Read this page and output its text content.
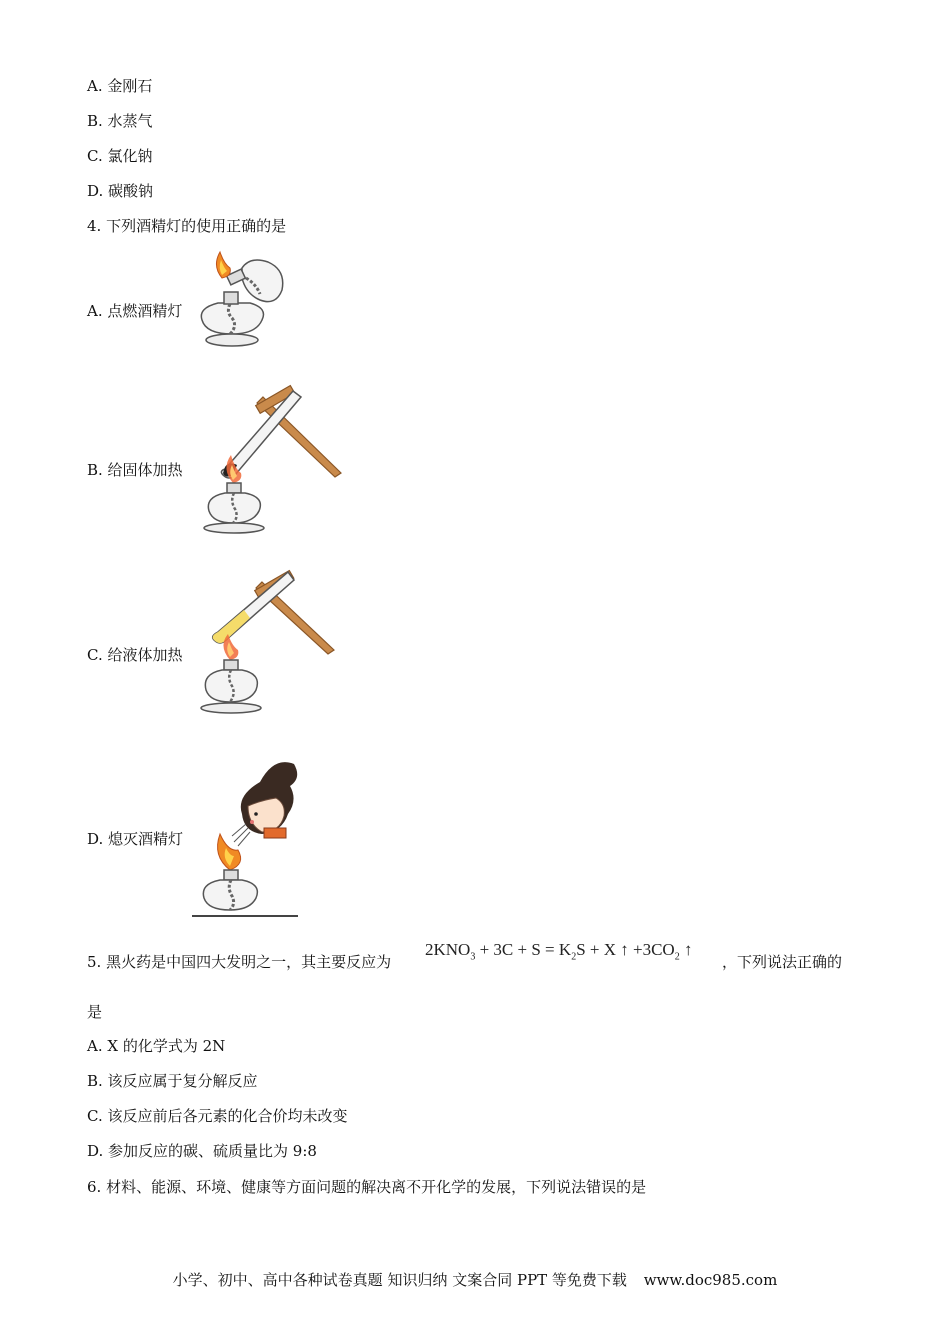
A. 金刚石
B. 水蒸气
C. 氯化钠
D. 碳酸钠
4. 下列酒精灯的使用正确的是
A. 点燃酒精灯
B. 给固体加热
C. 给液体加热
D. 熄灭酒精灯
5. 黑火药是中国四大发明之一，其主要反应为
$2KNO_3 + 3C + S = K_2S + X$ ↑ $+3CO_2$ ↑
，下列说法正确的
是
A. X 的化学式为 2N
B. 该反应属于复分解反应
C. 该反应前后各元素的化合价均未改变
D. 参加反应的碳、硫质量比为 9:8
6. 材料、能源、环境、健康等方面问题的解决离不开化学的发展，下列说法错误的是
小学、初中、高中各种试卷真题 知识归纳 文案合同 PPT 等免费下载 www.doc985.com
